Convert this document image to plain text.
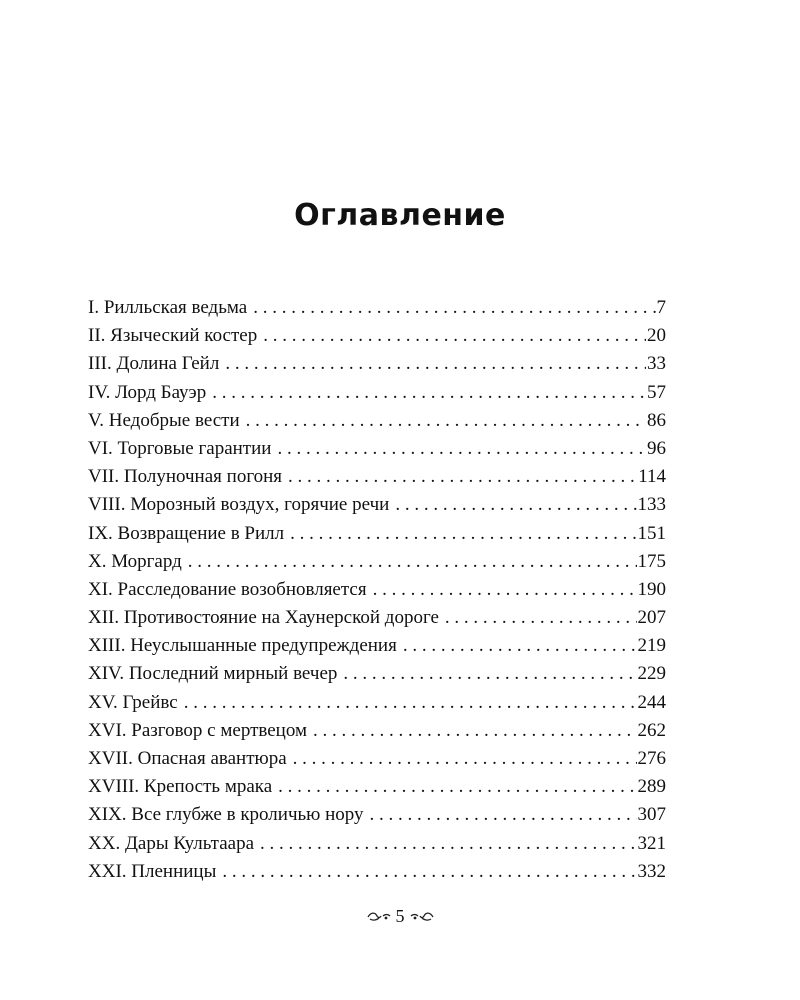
Оглавление
I. Рилльская ведьма . . .	7
II. Языческий костер . . .	20
III. Долина Гейл . . .	33
IV. Лорд Бауэр . . .	57
V. Недобрые вести . . .	86
VI. Торговые гарантии . . .	96
VII. Полуночная погоня . . .	114
VIII. Морозный воздух, горячие речи . . .	133
IX. Возвращение в Рилл . . .	151
X. Моргард . . .	175
XI. Расследование возобновляется . . .	190
XII. Противостояние на Хаунерской дороге . . .	207
XIII. Неуслышанные предупреждения . . .	219
XIV. Последний мирный вечер . . .	229
XV. Грейвс . . .	244
XVI. Разговор с мертвецом . . .	262
XVII. Опасная авантюра . . .	276
XVIII. Крепость мрака . . .	289
XIX. Все глубже в кроличью нору . . .	307
XX. Дары Культаара . . .	321
XXI. Пленницы . . .	332
5
